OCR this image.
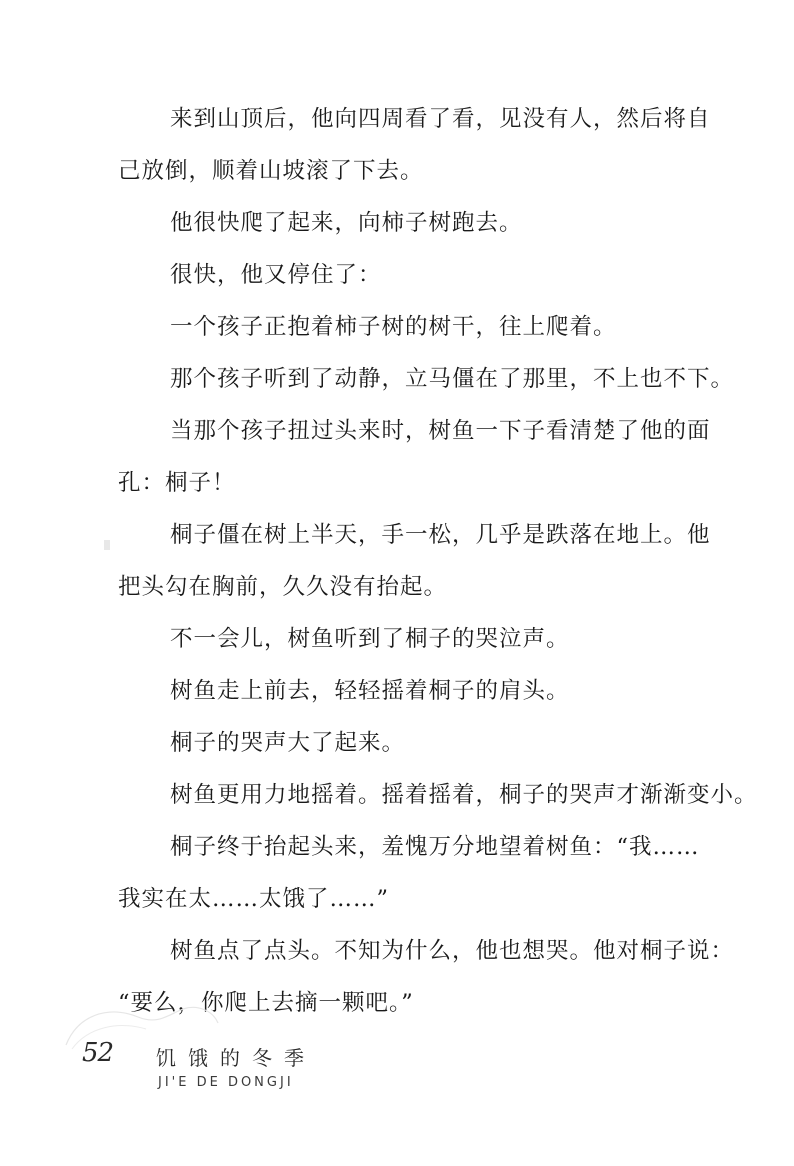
来到山顶后，他向四周看了看，见没有人，然后将自
己放倒，顺着山坡滚了下去。
他很快爬了起来，向柿子树跑去。
很快，他又停住了：
一个孩子正抱着柿子树的树干，往上爬着。
那个孩子听到了动静，立马僵在了那里，不上也不下。
当那个孩子扭过头来时，树鱼一下子看清楚了他的面
孔：桐子！
桐子僵在树上半天，手一松，几乎是跌落在地上。他
把头勾在胸前，久久没有抬起。
不一会儿，树鱼听到了桐子的哭泣声。
树鱼走上前去，轻轻摇着桐子的肩头。
桐子的哭声大了起来。
树鱼更用力地摇着。摇着摇着，桐子的哭声才渐渐变小。
桐子终于抬起头来，羞愧万分地望着树鱼：“我……
我实在太……太饿了……”
树鱼点了点头。不知为什么，他也想哭。他对桐子说：
“要么，你爬上去摘一颗吧。”
52 饥饿的冬季
JI'E DE DONGJI
